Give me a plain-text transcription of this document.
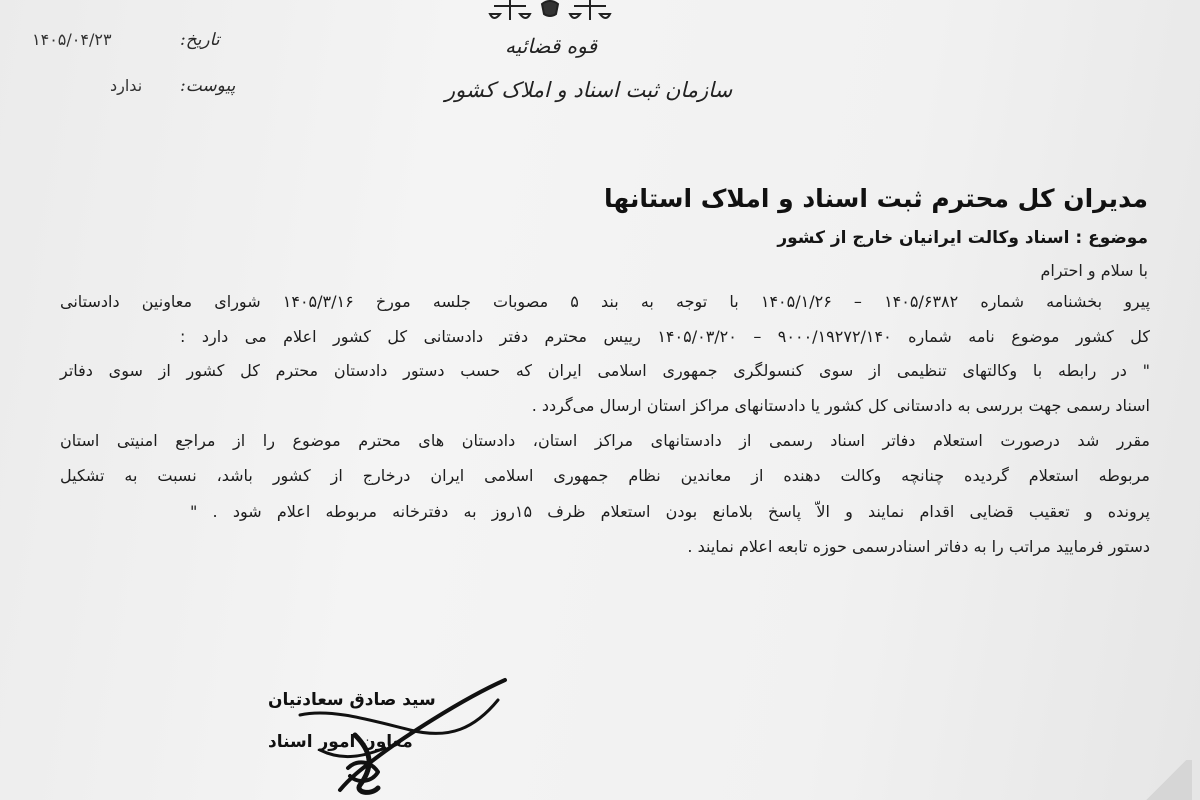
۱۴۰۵/۰۴/۲۳	تاریخ:
ندارد پیوست:
قوه قضائیه
سازمان ثبت اسناد و املاک کشور
مدیران کل محترم ثبت اسناد و املاک استانها
موضوع : اسناد وکالت ایرانیان خارج از کشور
با سلام و احترام
پیرو بخشنامه شماره ۱۴۰۵/۶۳۸۲ – ۱۴۰۵/۱/۲۶ با توجه به بند ۵ مصوبات جلسه مورخ ۱۴۰۵/۳/۱۶ شورای معاونین دادستانی
کل کشور موضوع نامه شماره ۹۰۰۰/۱۹۲۷۲/۱۴۰ – ۱۴۰۵/۰۳/۲۰ رییس محترم دفتر دادستانی کل کشور اعلام می دارد :
" در رابطه با وکالتهای تنظیمی از سوی کنسولگری جمهوری اسلامی ایران که حسب دستور دادستان محترم کل کشور از سوی دفاتر
اسناد رسمی جهت بررسی به دادستانی کل کشور یا دادستانهای مراکز استان ارسال می‌گردد .
مقرر شد درصورت استعلام دفاتر اسناد رسمی از دادستانهای مراکز استان، دادستان های محترم موضوع را از مراجع امنیتی استان
مربوطه استعلام گردیده چنانچه وکالت دهنده از معاندین نظام جمهوری اسلامی ایران درخارج از کشور باشد، نسبت به تشکیل
پرونده و تعقیب قضایی اقدام نمایند و الاّ پاسخ بلامانع بودن استعلام ظرف ۱۵روز به دفترخانه مربوطه اعلام شود . "
دستور فرمایید مراتب را به دفاتر اسنادرسمی حوزه تابعه اعلام نمایند .
سید صادق سعادتیان
معاون امور اسناد
